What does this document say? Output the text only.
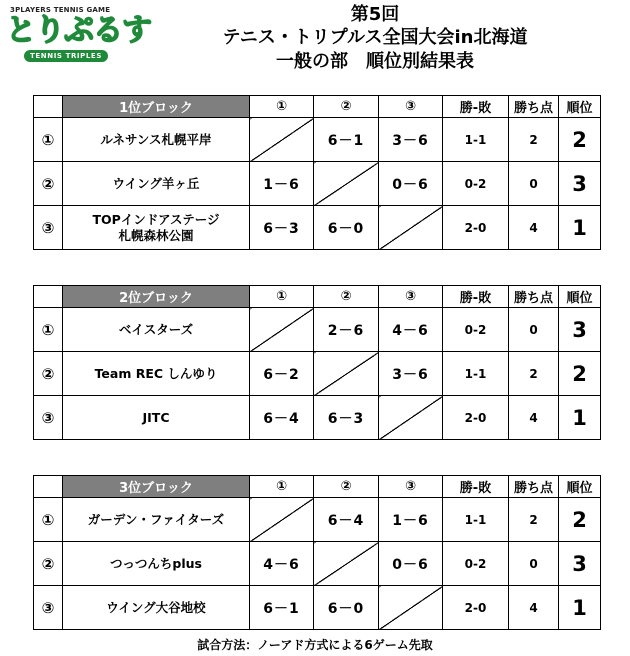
3PLAYERS TENNIS GAME
とりぷるす
TENNIS TRIPLES
第5回
テニス・トリプルス全国大会in北海道
一般の部　順位別結果表
	1位ブロック	①	②	③	勝-敗	勝ち点	順位
①	ルネサンス札幌平岸		6－1	3－6	1-1	2	2
②	ウイング羊ヶ丘	1－6		0－6	0-2	0	3
③	TOPインドアステージ
札幌森林公園	6－3	6－0		2-0	4	1
	2位ブロック	①	②	③	勝-敗	勝ち点	順位
①	ベイスターズ		2－6	4－6	0-2	0	3
②	Team REC しんゆり	6－2		3－6	1-1	2	2
③	JITC	6－4	6－3		2-0	4	1
	3位ブロック	①	②	③	勝-敗	勝ち点	順位
①	ガーデン・ファイターズ		6－4	1－6	1-1	2	2
②	つっつんちplus	4－6		0－6	0-2	0	3
③	ウイング大谷地校	6－1	6－0		2-0	4	1
試合方法：ノーアド方式による6ゲーム先取
